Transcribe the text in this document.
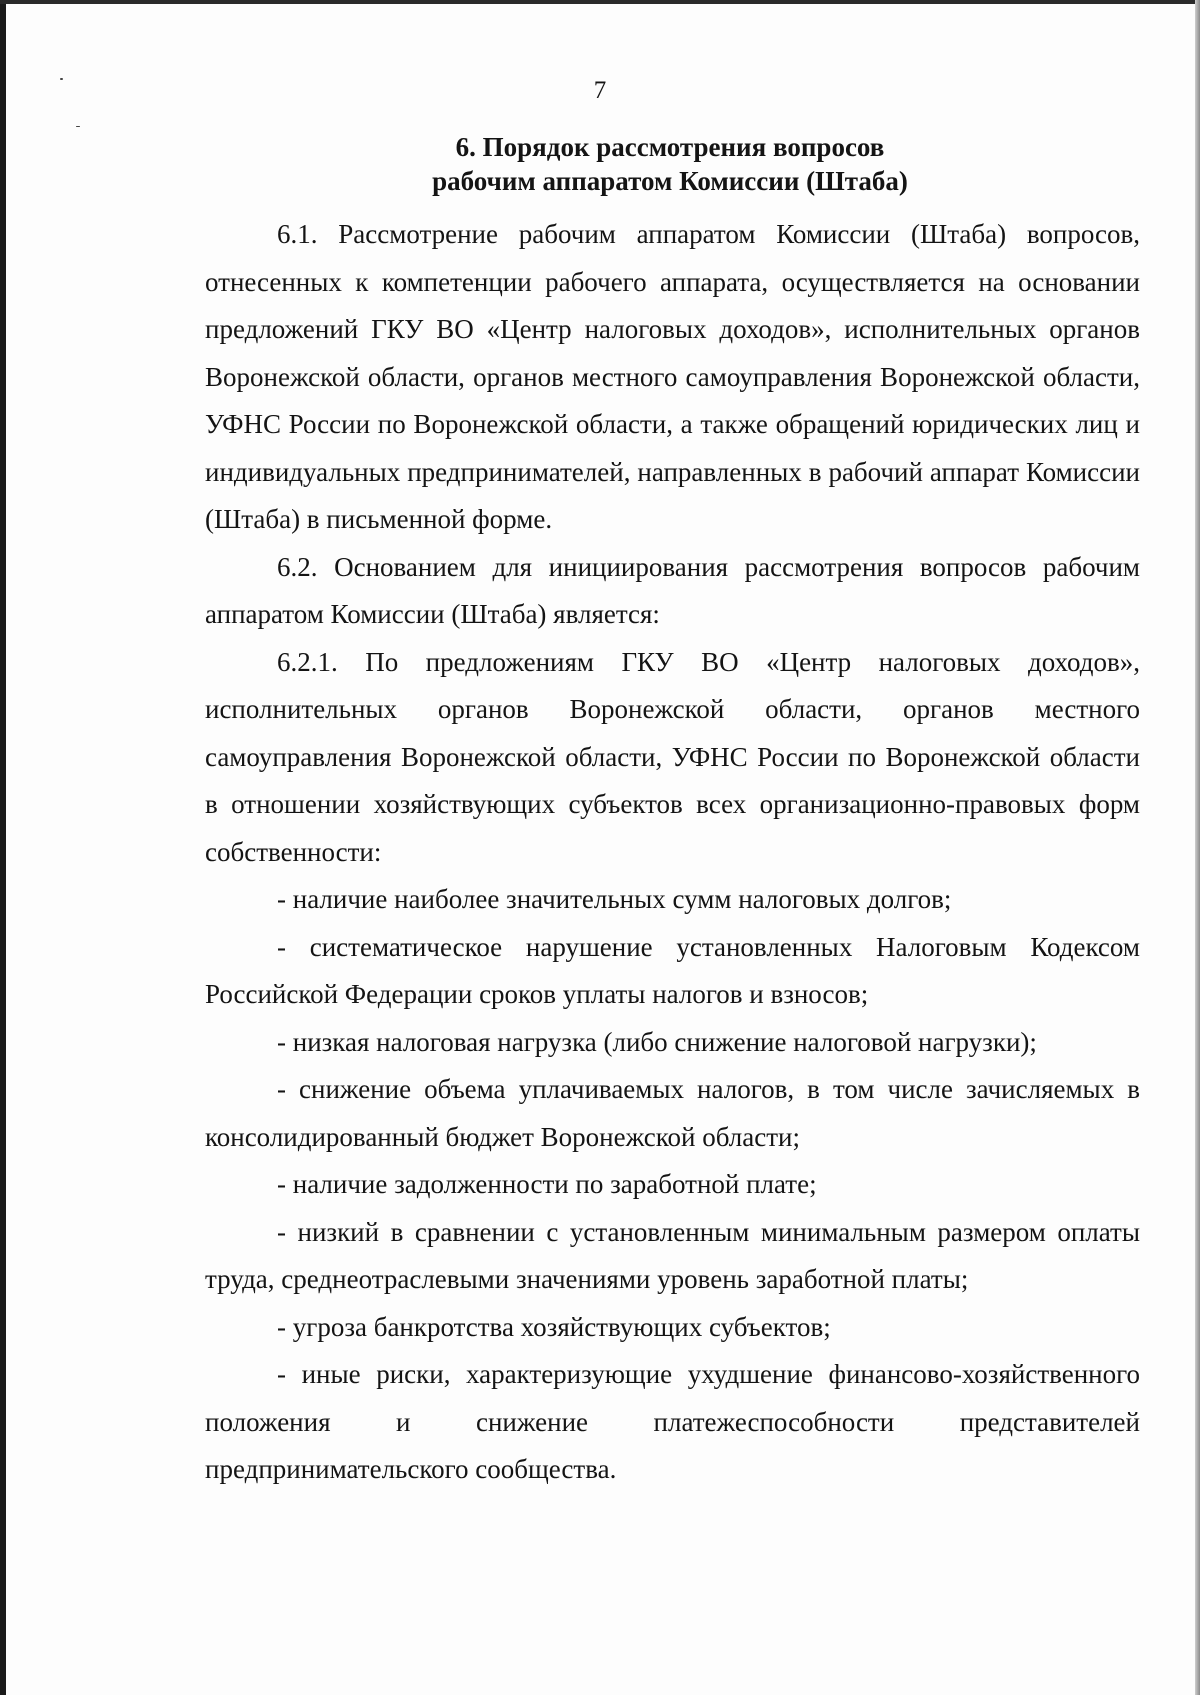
7
6. Порядок рассмотрения вопросов
рабочим аппаратом Комиссии (Штаба)

6.1. Рассмотрение рабочим аппаратом Комиссии (Штаба) вопросов, отнесенных к компетенции рабочего аппарата, осуществляется на основании предложений ГКУ ВО «Центр налоговых доходов», исполнительных органов Воронежской области, органов местного самоуправления Воронежской области, УФНС России по Воронежской области, а также обращений юридических лиц и индивидуальных предпринимателей, направленных в рабочий аппарат Комиссии (Штаба) в письменной форме.

6.2. Основанием для инициирования рассмотрения вопросов рабочим аппаратом Комиссии (Штаба) является:

6.2.1. По предложениям ГКУ ВО «Центр налоговых доходов», исполнительных органов Воронежской области, органов местного самоуправления Воронежской области, УФНС России по Воронежской области в отношении хозяйствующих субъектов всех организационно-правовых форм собственности:

- наличие наиболее значительных сумм налоговых долгов;

- систематическое нарушение установленных Налоговым Кодексом Российской Федерации сроков уплаты налогов и взносов;

- низкая налоговая нагрузка (либо снижение налоговой нагрузки);

- снижение объема уплачиваемых налогов, в том числе зачисляемых в консолидированный бюджет Воронежской области;

- наличие задолженности по заработной плате;

- низкий в сравнении с установленным минимальным размером оплаты труда, среднеотраслевыми значениями уровень заработной платы;

- угроза банкротства хозяйствующих субъектов;

- иные риски, характеризующие ухудшение финансово-хозяйственного положения и снижение платежеспособности представителей предпринимательского сообщества.
